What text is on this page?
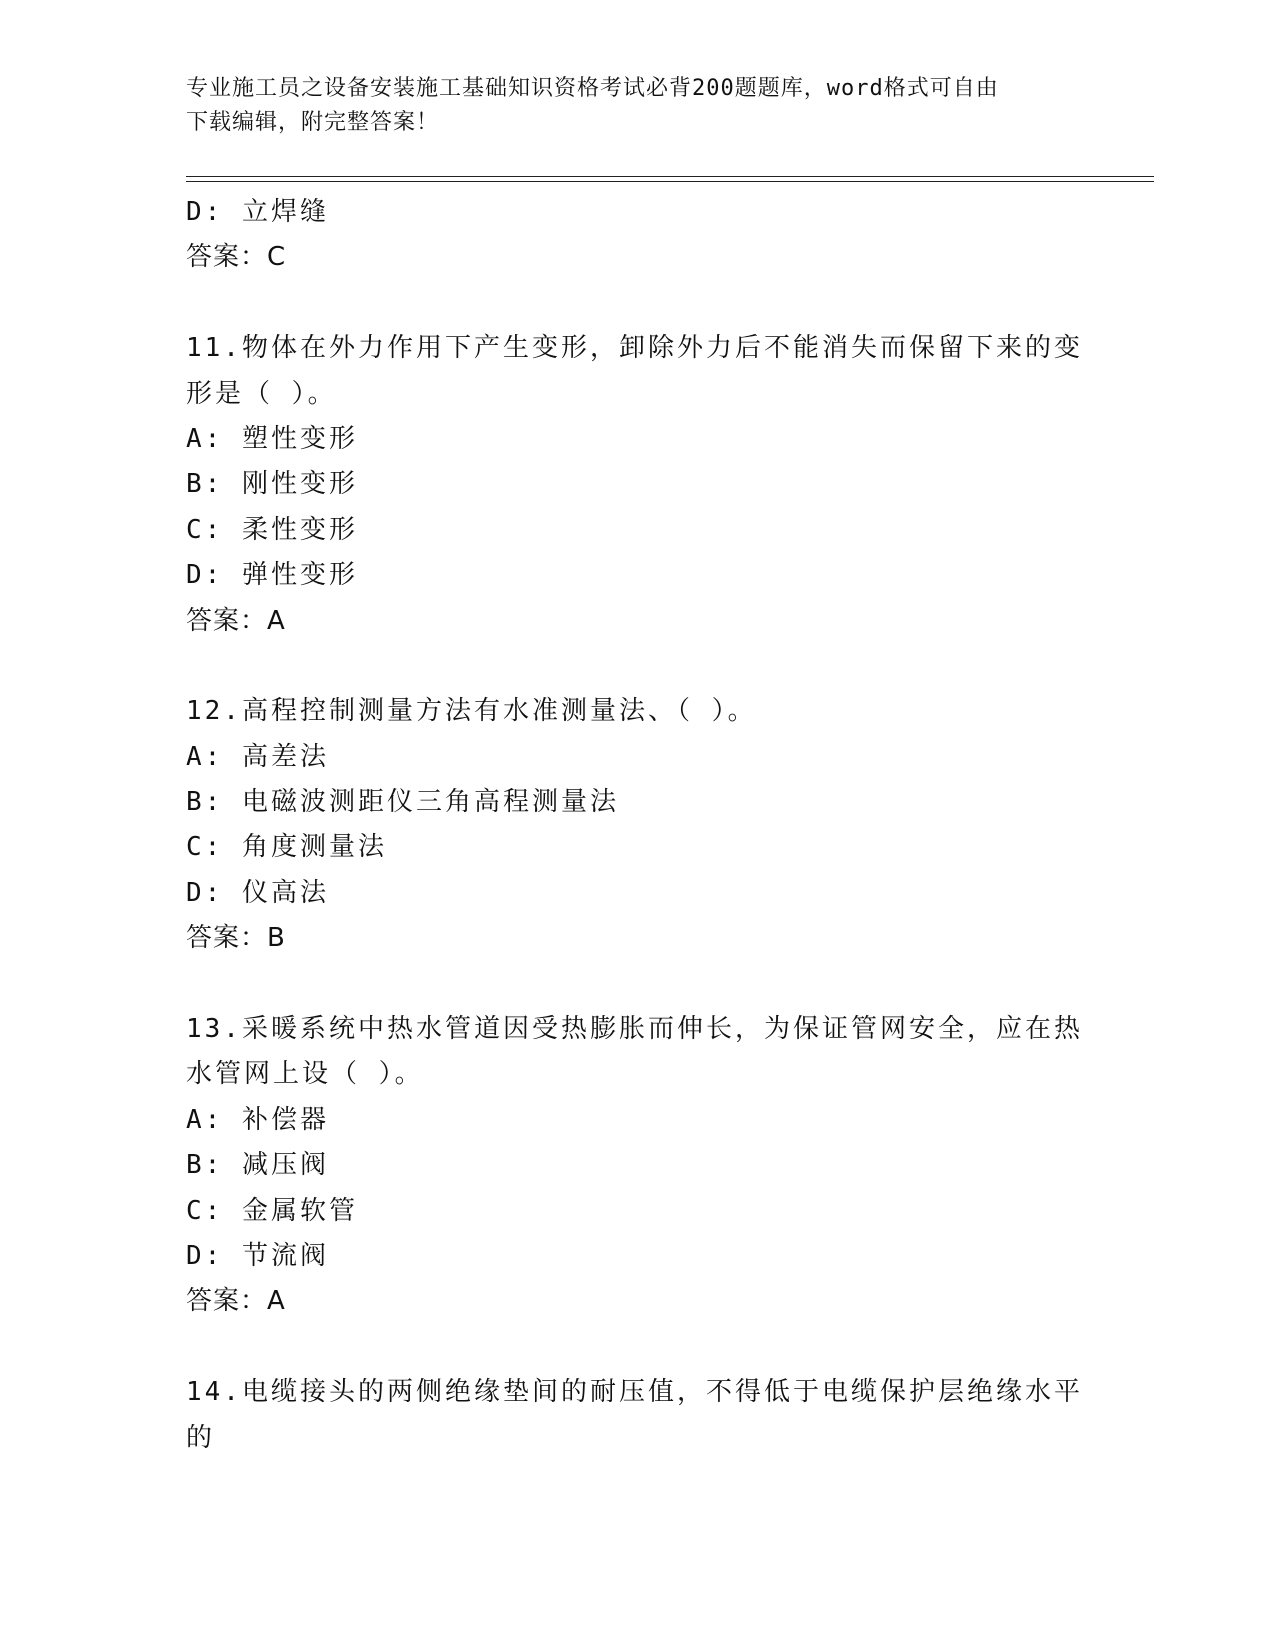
专业施工员之设备安装施工基础知识资格考试必背200题题库，word格式可自由
下载编辑，附完整答案！
D: 立焊缝
答案：C
11.物体在外力作用下产生变形，卸除外力后不能消失而保留下来的变
形是（ ）。
A: 塑性变形
B: 刚性变形
C: 柔性变形
D: 弹性变形
答案：A
12.高程控制测量方法有水准测量法、（ ）。
A: 高差法
B: 电磁波测距仪三角高程测量法
C: 角度测量法
D: 仪高法
答案：B
13.采暖系统中热水管道因受热膨胀而伸长，为保证管网安全，应在热
水管网上设（ ）。
A: 补偿器
B: 减压阀
C: 金属软管
D: 节流阀
答案：A
14.电缆接头的两侧绝缘垫间的耐压值，不得低于电缆保护层绝缘水平
的
